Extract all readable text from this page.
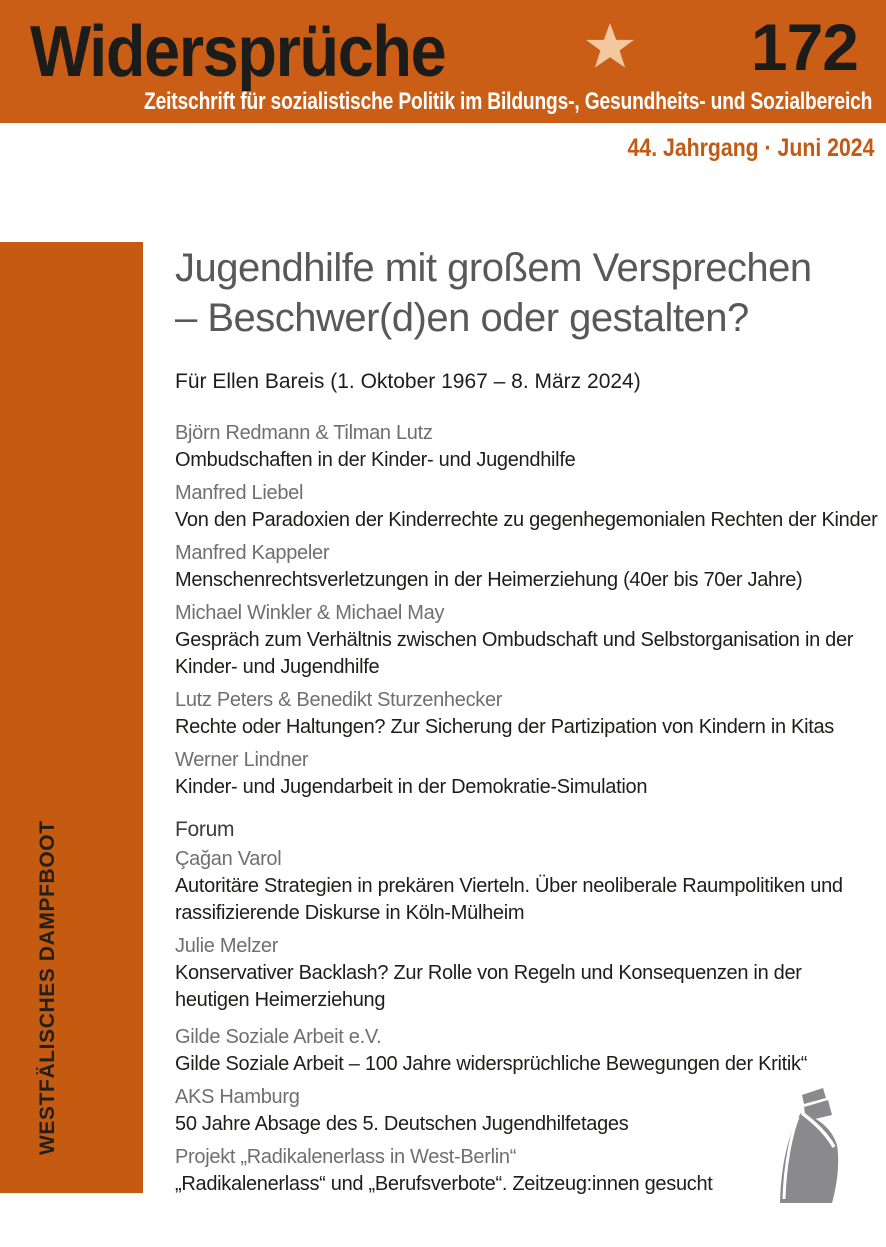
Widersprüche	172
Zeitschrift für sozialistische Politik im Bildungs-, Gesundheits- und Sozialbereich
44. Jahrgang · Juni 2024
WESTFÄLISCHES DAMPFBOOT
Jugendhilfe mit großem Versprechen
– Beschwer(d)en oder gestalten?
Für Ellen Bareis (1. Oktober 1967 – 8. März 2024)
Björn Redmann & Tilman Lutz
Ombudschaften in der Kinder- und Jugendhilfe
Manfred Liebel
Von den Paradoxien der Kinderrechte zu gegenhegemonialen Rechten der Kinder
Manfred Kappeler
Menschenrechtsverletzungen in der Heimerziehung (40er bis 70er Jahre)
Michael Winkler & Michael May
Gespräch zum Verhältnis zwischen Ombudschaft und Selbstorganisation in der Kinder- und Jugendhilfe
Lutz Peters & Benedikt Sturzenhecker
Rechte oder Haltungen? Zur Sicherung der Partizipation von Kindern in Kitas
Werner Lindner
Kinder- und Jugendarbeit in der Demokratie-Simulation
Forum
Çağan Varol
Autoritäre Strategien in prekären Vierteln. Über neoliberale Raumpolitiken und rassifizierende Diskurse in Köln-Mülheim
Julie Melzer
Konservativer Backlash? Zur Rolle von Regeln und Konsequenzen in der heutigen Heimerziehung
Gilde Soziale Arbeit e.V.
Gilde Soziale Arbeit – 100 Jahre widersprüchliche Bewegungen der Kritik“
AKS Hamburg
50 Jahre Absage des 5. Deutschen Jugendhilfetages
Projekt „Radikalenerlass in West-Berlin“
„Radikalenerlass“ und „Berufsverbote“. Zeitzeug:innen gesucht
